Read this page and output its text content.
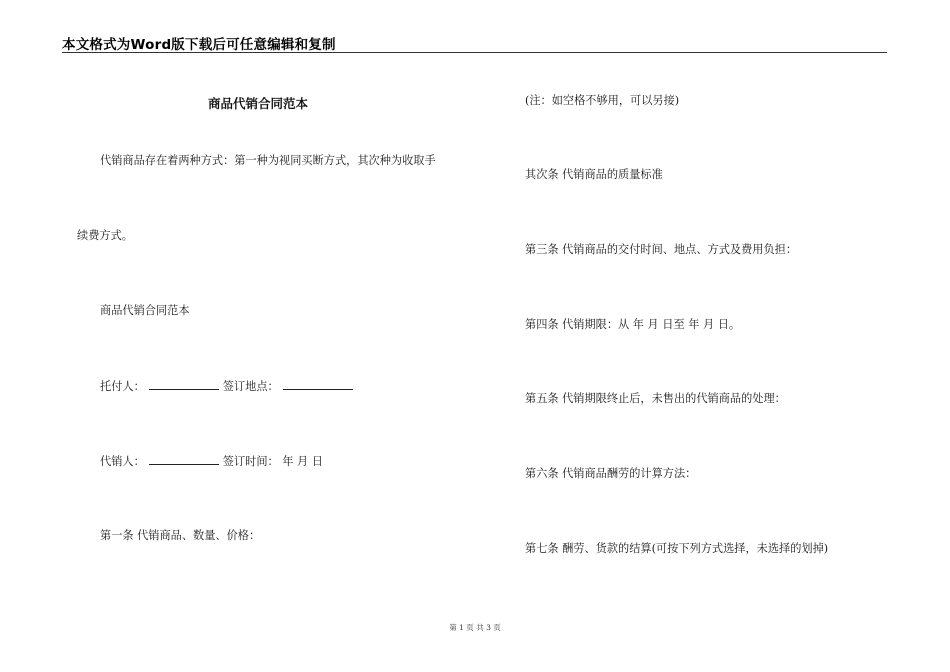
本文格式为Word版下载后可任意编辑和复制
商品代销合同范本
代销商品存在着两种方式：第一种为视同买断方式，其次种为收取手
续费方式。
商品代销合同范本
托付人：	签订地点：
代销人：	签订时间： 年 月 日
第一条 代销商品、数量、价格：
(注：如空格不够用，可以另接)
其次条 代销商品的质量标准
第三条 代销商品的交付时间、地点、方式及费用负担：
第四条 代销期限：从 年 月 日至 年 月 日。
第五条 代销期限终止后，未售出的代销商品的处理：
第六条 代销商品酬劳的计算方法：
第七条 酬劳、货款的结算(可按下列方式选择，未选择的划掉)
第 1 页 共 3 页
